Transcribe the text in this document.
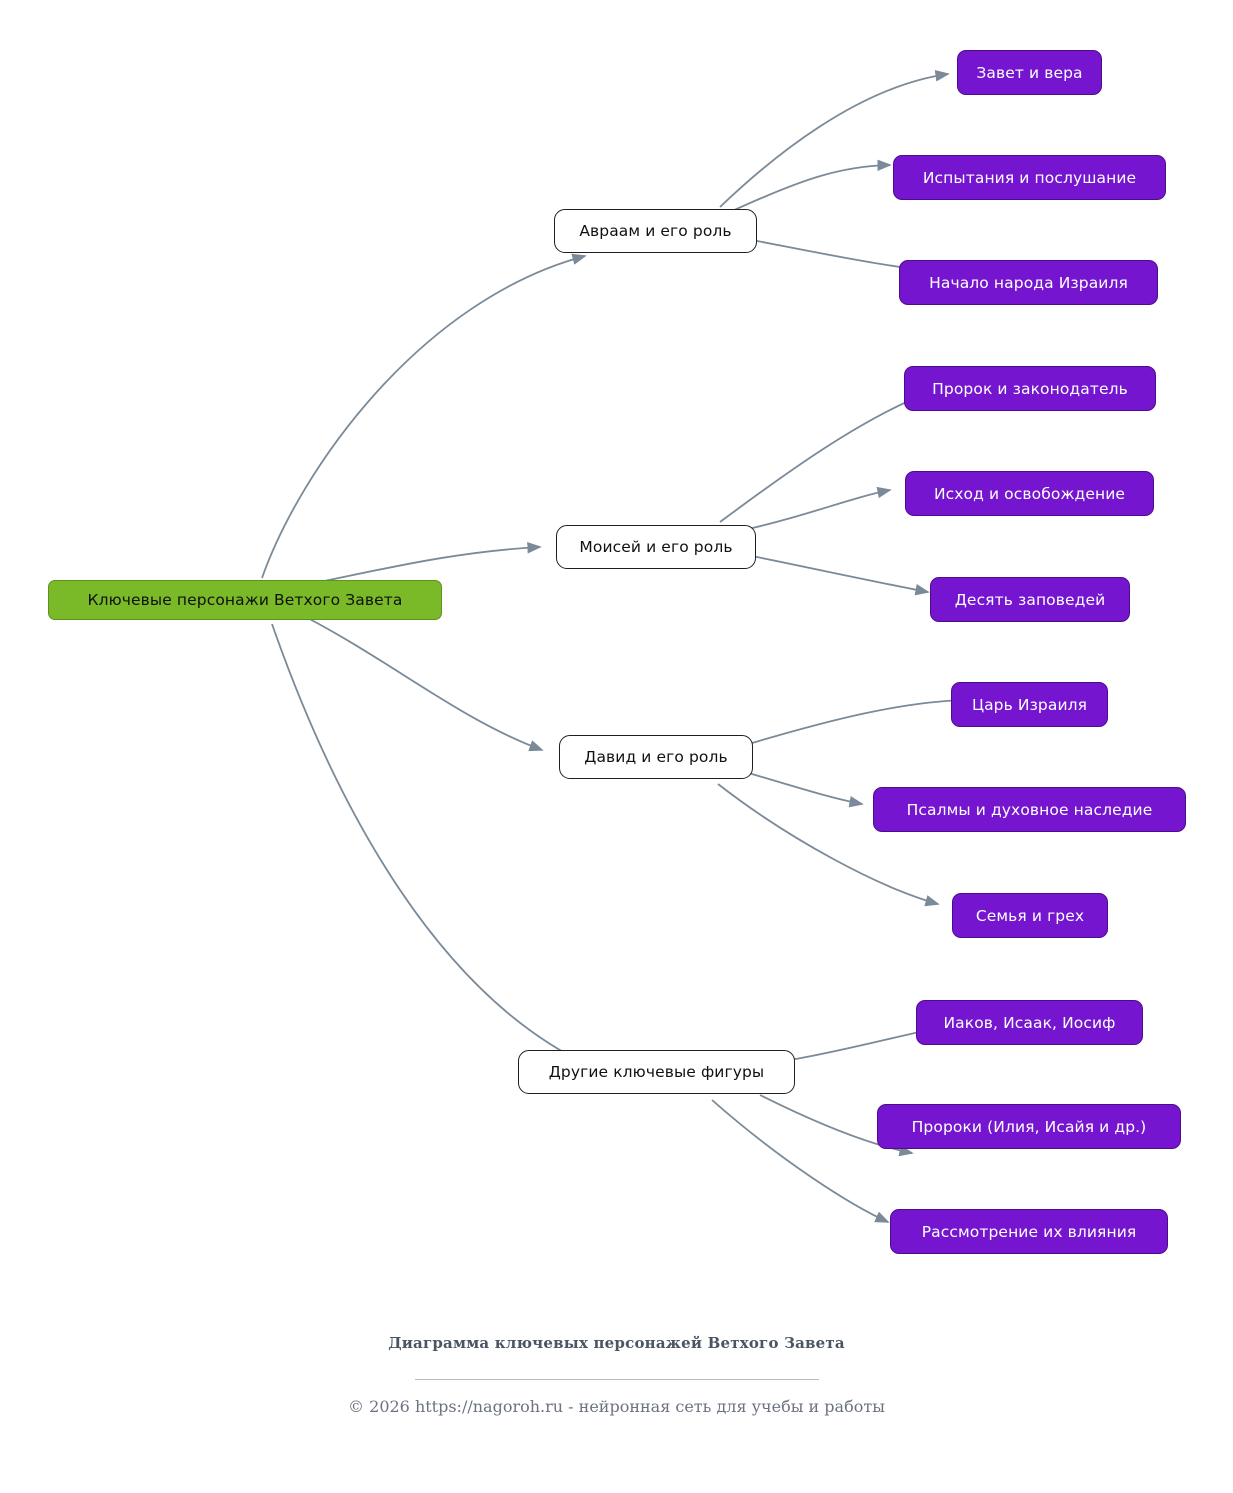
Ключевые персонажи Ветхого Завета
Авраам и его роль
Завет и вера
Испытания и послушание
Начало народа Израиля
Моисей и его роль
Пророк и законодатель
Исход и освобождение
Десять заповедей
Давид и его роль
Царь Израиля
Псалмы и духовное наследие
Семья и грех
Другие ключевые фигуры
Иаков, Исаак, Иосиф
Пророки (Илия, Исайя и др.)
Рассмотрение их влияния
Диаграмма ключевых персонажей Ветхого Завета
© 2026 https://nagoroh.ru - нейронная сеть для учебы и работы
